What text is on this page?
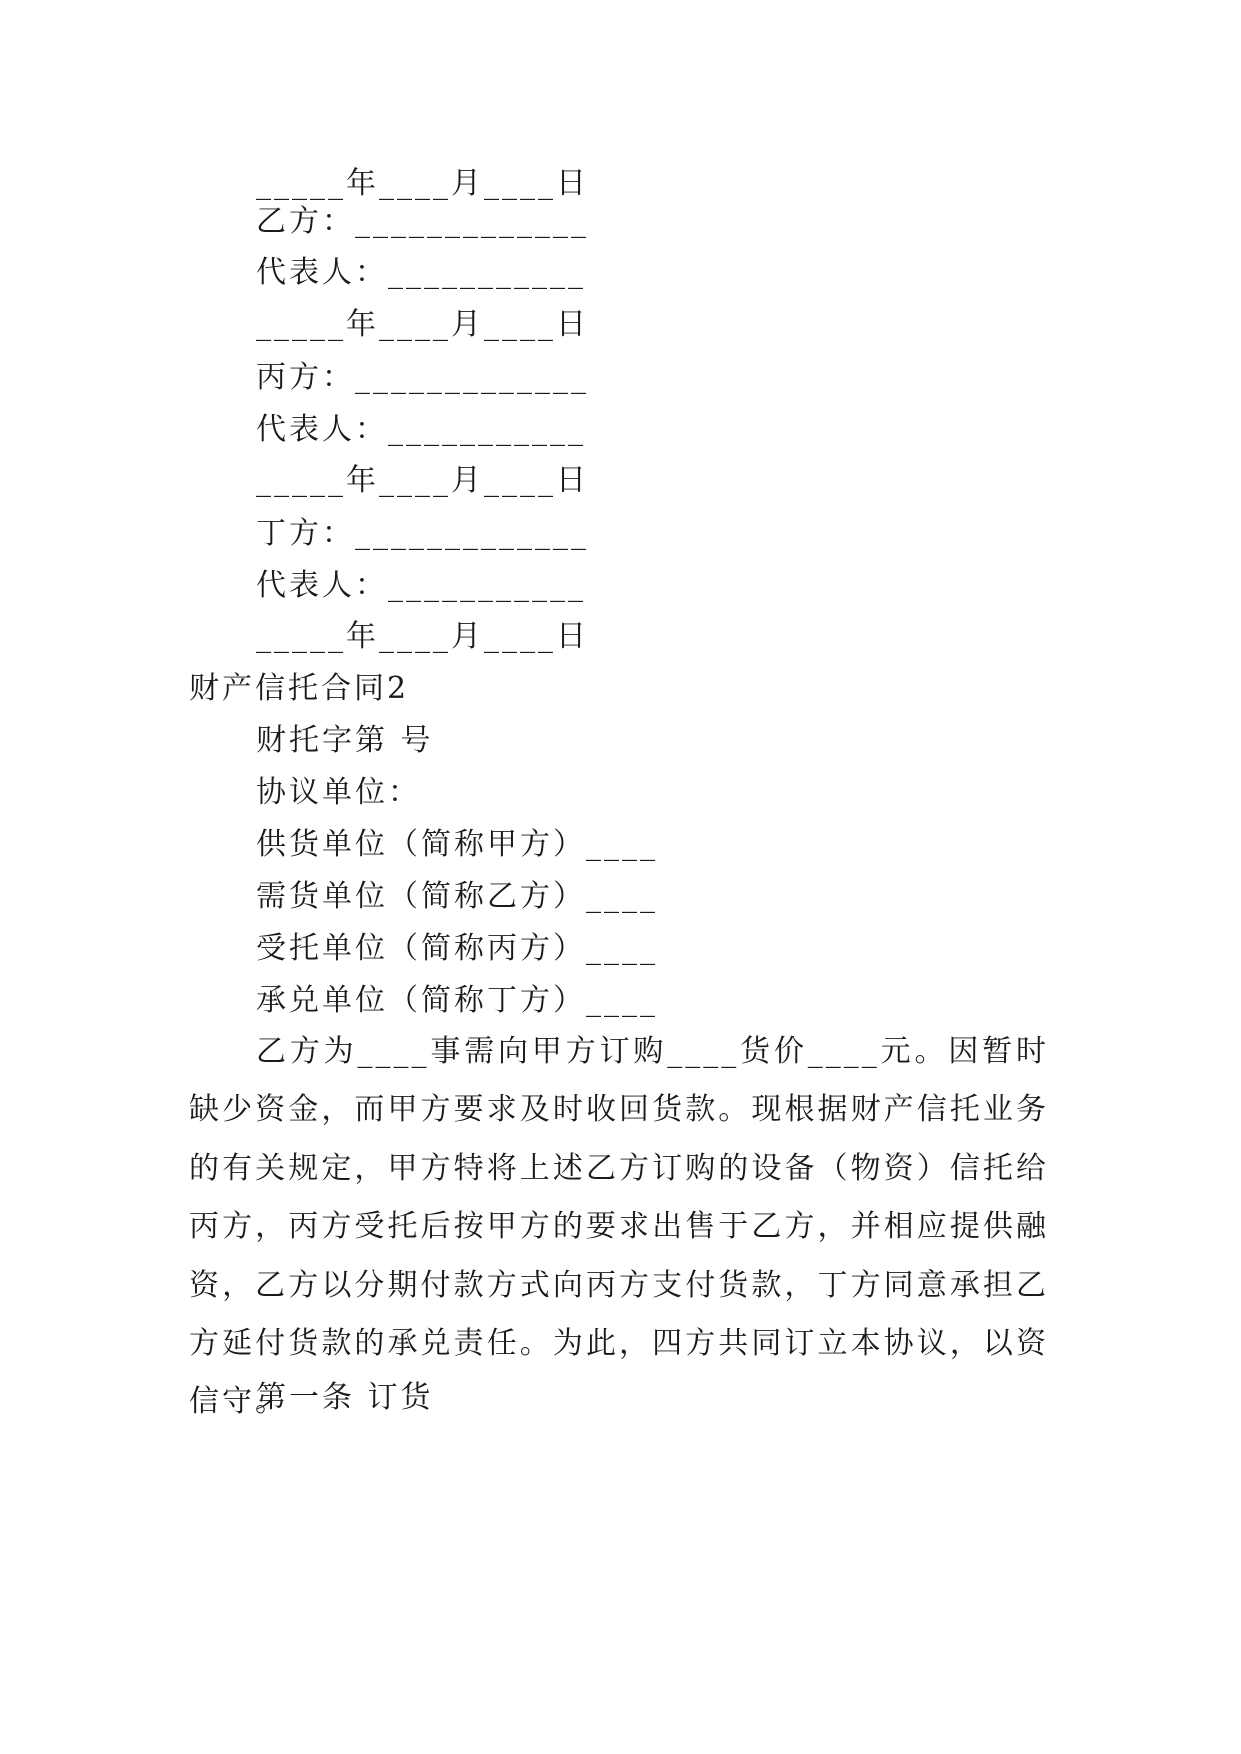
_____年____月____日
乙方：_____________
代表人：___________
_____年____月____日
丙方：_____________
代表人：___________
_____年____月____日
丁方：_____________
代表人：___________
_____年____月____日
财产信托合同2
财托字第 号
协议单位：
供货单位（简称甲方）____
需货单位（简称乙方）____
受托单位（简称丙方）____
承兑单位（简称丁方）____
乙方为____事需向甲方订购____货价____元。因暂时缺少资金，而甲方要求及时收回货款。现根据财产信托业务的有关规定，甲方特将上述乙方订购的设备（物资）信托给丙方，丙方受托后按甲方的要求出售于乙方，并相应提供融资，乙方以分期付款方式向丙方支付货款，丁方同意承担乙方延付货款的承兑责任。为此，四方共同订立本协议，以资信守。
第一条 订货
